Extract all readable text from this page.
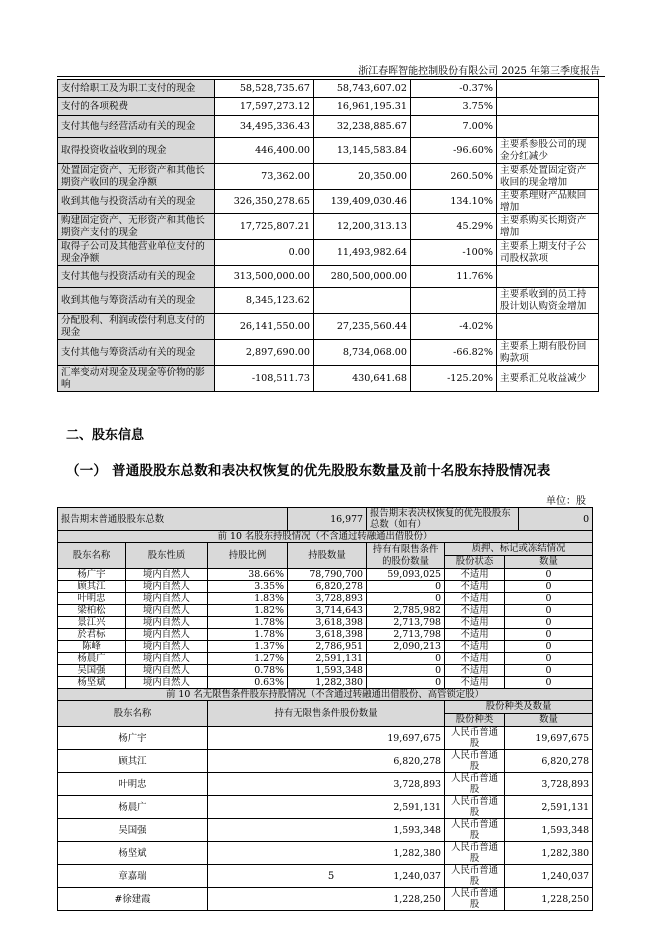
浙江春晖智能控制股份有限公司 2025 年第三季度报告
支付给职工及为职工支付的现金	58,528,735.67	58,743,607.02	-0.37%	
支付的各项税费	17,597,273.12	16,961,195.31	3.75%	
支付其他与经营活动有关的现金	34,495,336.43	32,238,885.67	7.00%	
取得投资收益收到的现金	446,400.00	13,145,583.84	-96.60%	主要系参股公司的现金分红减少
处置固定资产、无形资产和其他长期资产收回的现金净额	73,362.00	20,350.00	260.50%	主要系处置固定资产收回的现金增加
收到其他与投资活动有关的现金	326,350,278.65	139,409,030.46	134.10%	主要系理财产品赎回增加
购建固定资产、无形资产和其他长期资产支付的现金	17,725,807.21	12,200,313.13	45.29%	主要系购买长期资产增加
取得子公司及其他营业单位支付的现金净额	0.00	11,493,982.64	-100%	主要系上期支付子公司股权款项
支付其他与投资活动有关的现金	313,500,000.00	280,500,000.00	11.76%	
收到其他与筹资活动有关的现金	8,345,123.62			主要系收到的员工持股计划认购资金增加
分配股利、利润或偿付利息支付的现金	26,141,550.00	27,235,560.44	-4.02%	
支付其他与筹资活动有关的现金	2,897,690.00	8,734,068.00	-66.82%	主要系上期有股份回购款项
汇率变动对现金及现金等价物的影响	-108,511.73	430,641.68	-125.20%	主要系汇兑收益减少
二、股东信息
（一） 普通股股东总数和表决权恢复的优先股股东数量及前十名股东持股情况表
单位：股
报告期末普通股股东总数			16,977	报告期末表决权恢复的优先股股东总数（如有）			0
前 10 名股东持股情况（不含通过转融通出借股份）							
股东名称	股东性质	持股比例	持股数量	持有有限售条件的股份数量	质押、标记或冻结情况		
					股份状态	数量	
杨广宇	境内自然人	38.66%	78,790,700	59,093,025	不适用	0	
顾其江	境内自然人	3.35%	6,820,278	0	不适用	0	
叶明忠	境内自然人	1.83%	3,728,893	0	不适用	0	
梁柏松	境内自然人	1.82%	3,714,643	2,785,982	不适用	0	
景江兴	境内自然人	1.78%	3,618,398	2,713,798	不适用	0	
於君标	境内自然人	1.78%	3,618,398	2,713,798	不适用	0	
陈峰	境内自然人	1.37%	2,786,951	2,090,213	不适用	0	
杨晨广	境内自然人	1.27%	2,591,131	0	不适用	0	
吴国强	境内自然人	0.78%	1,593,348	0	不适用	0	
杨坚斌	境内自然人	0.63%	1,282,380	0	不适用	0	
前 10 名无限售条件股东持股情况（不含通过转融通出借股份、高管锁定股）							
股东名称		持有无限售条件股份数量			股份种类及数量		
					股份种类	数量	
杨广宇		19,697,675			人民币普通股	19,697,675	
顾其江		6,820,278			人民币普通股	6,820,278	
叶明忠		3,728,893			人民币普通股	3,728,893	
杨晨广		2,591,131			人民币普通股	2,591,131	
吴国强		1,593,348			人民币普通股	1,593,348	
杨坚斌		1,282,380			人民币普通股	1,282,380	
章嘉瑞		1,240,037			人民币普通股	1,240,037	
#徐建霞		1,228,250			人民币普通股	1,228,250	
5
